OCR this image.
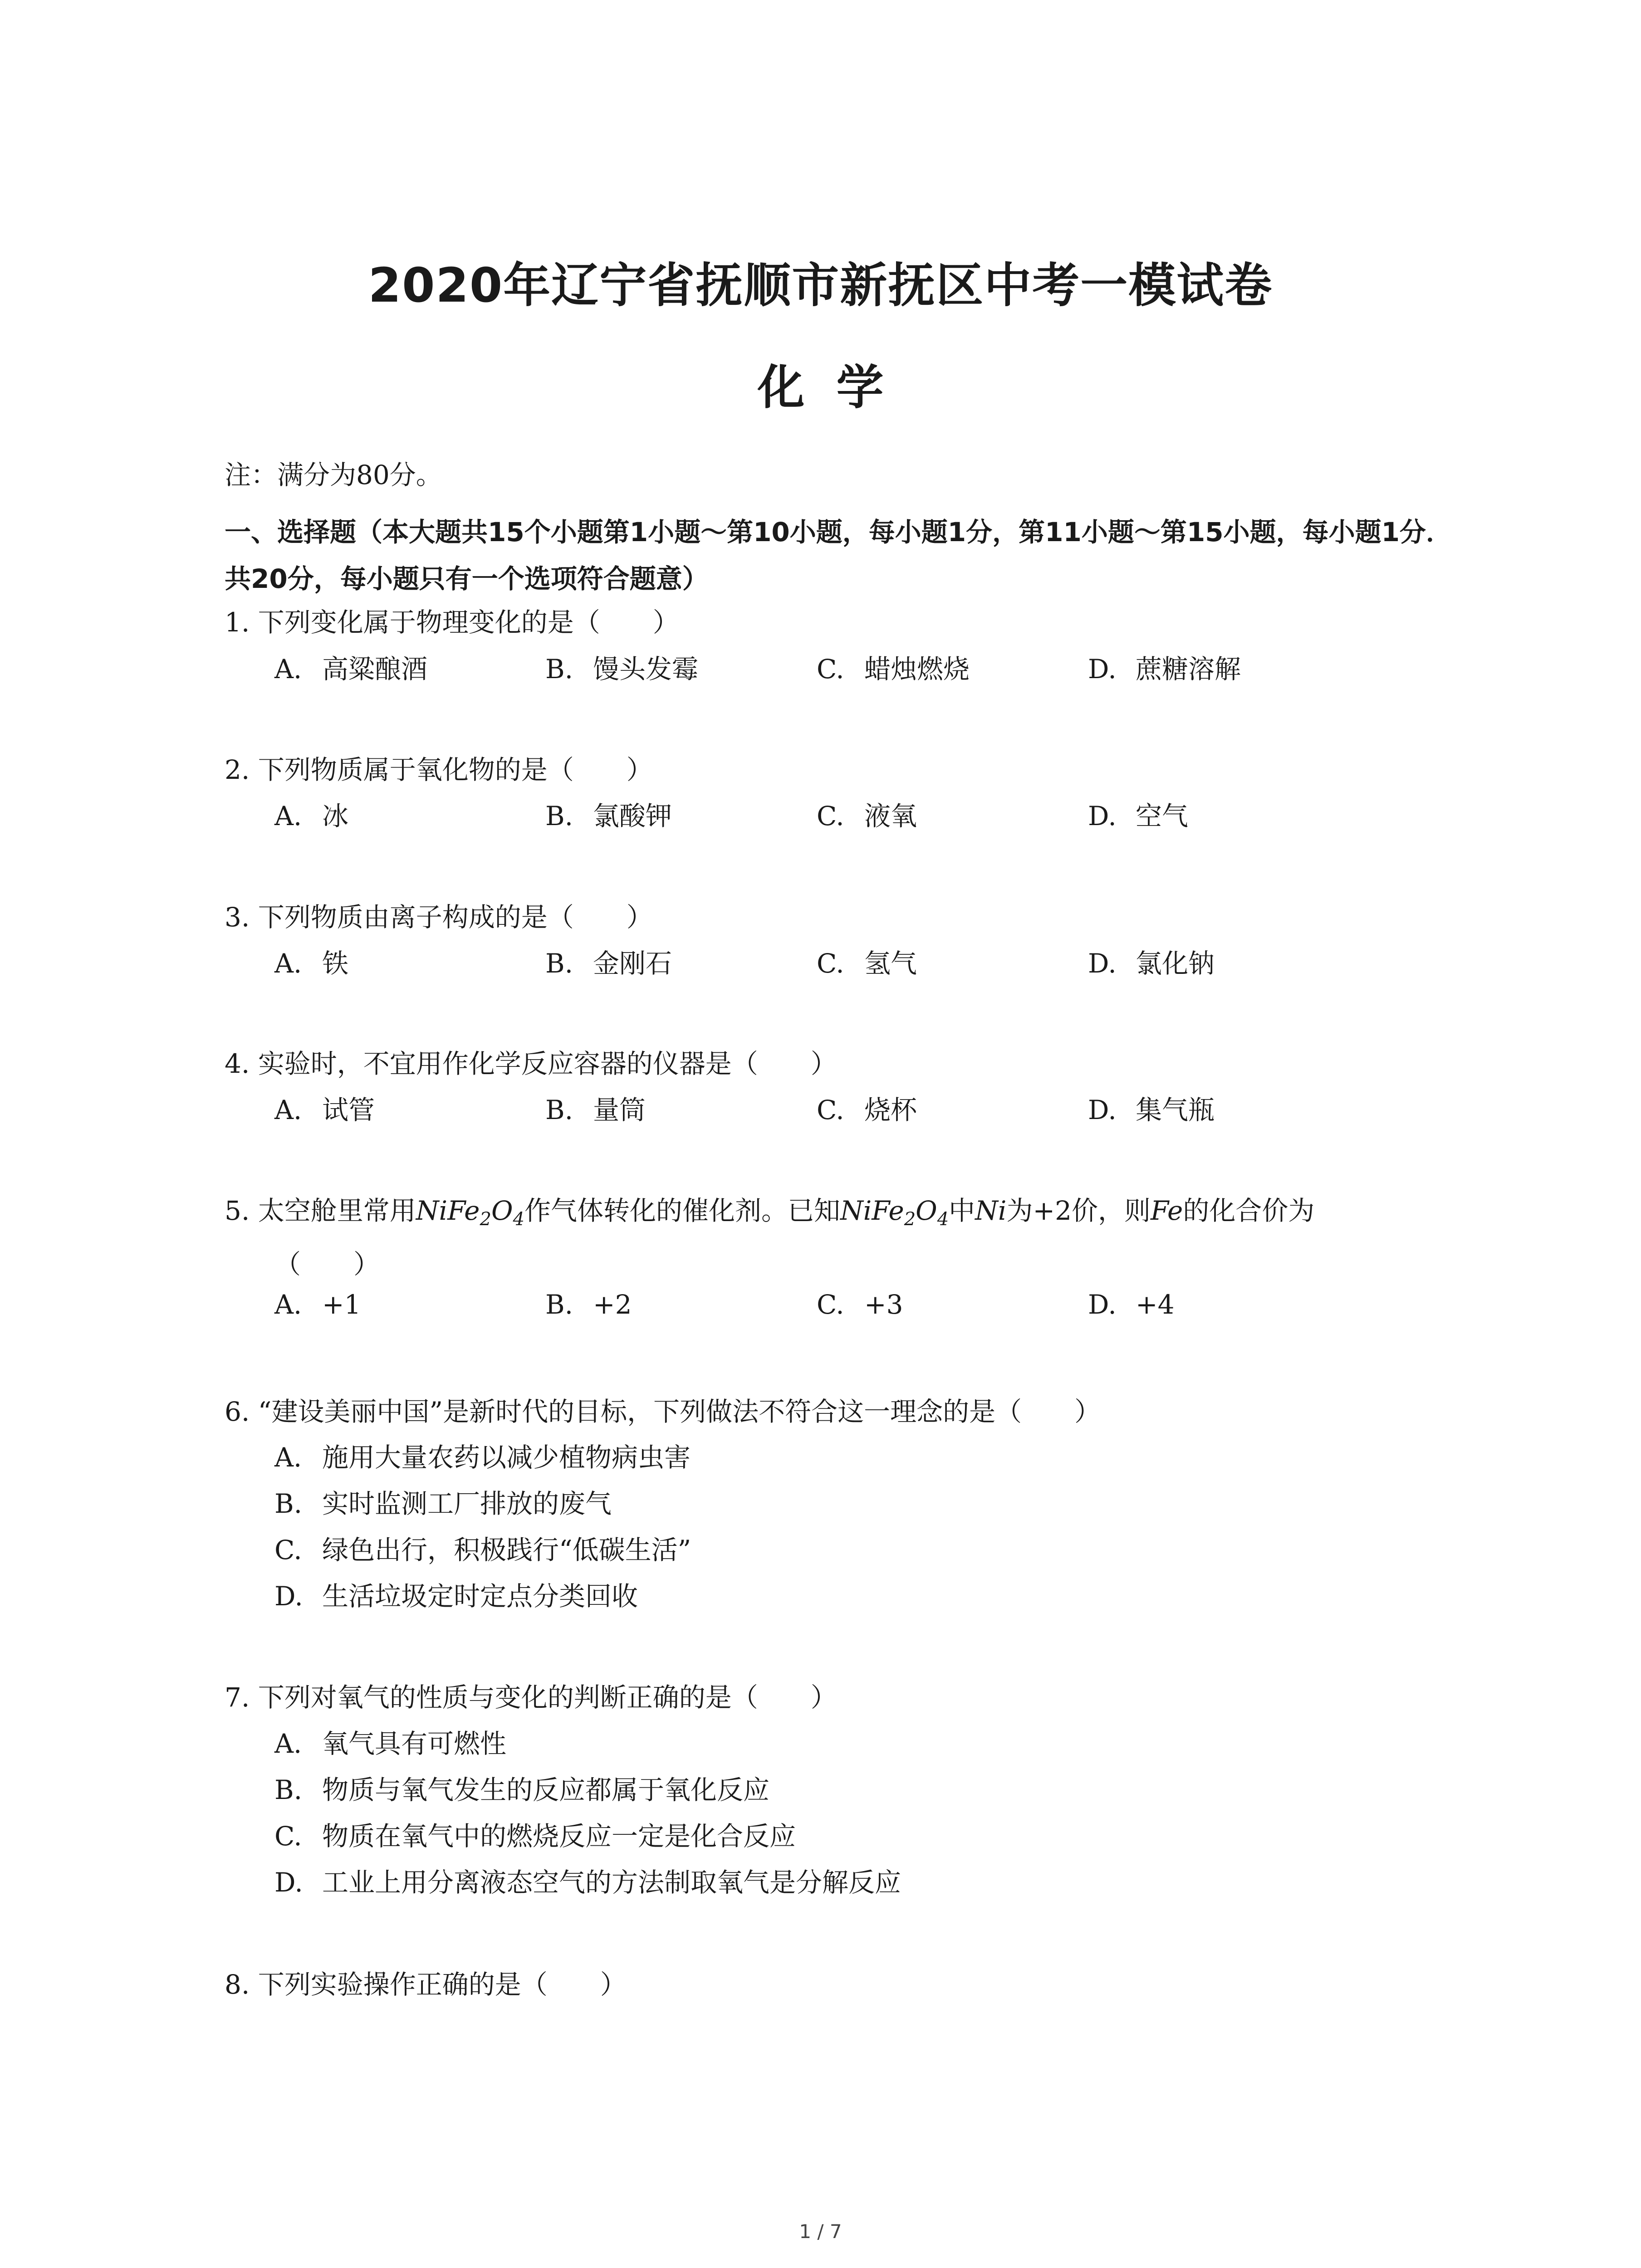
2020年辽宁省抚顺市新抚区中考一模试卷
化学
注：满分为80分。
一、选择题（本大题共15个小题第1小题～第10小题，每小题1分，第11小题～第15小题，每小题1分．共20分，每小题只有一个选项符合题意）
1. 下列变化属于物理变化的是（　　）
A. 高粱酿酒	B. 馒头发霉	C. 蜡烛燃烧	D. 蔗糖溶解
2. 下列物质属于氧化物的是（　　）
A. 冰	B. 氯酸钾	C. 液氧	D. 空气
3. 下列物质由离子构成的是（　　）
A. 铁	B. 金刚石	C. 氢气	D. 氯化钠
4. 实验时，不宜用作化学反应容器的仪器是（　　）
A. 试管	B. 量筒	C. 烧杯	D. 集气瓶
5. 太空舱里常用$NiFe_2O_4$作气体转化的催化剂。已知$NiFe_2O_4$中Ni为+2价，则Fe的化合价为
（　　）
A. +1	B. +2	C. +3	D. +4
6. “建设美丽中国”是新时代的目标，下列做法不符合这一理念的是（　　）
A. 施用大量农药以减少植物病虫害
B. 实时监测工厂排放的废气
C. 绿色出行，积极践行“低碳生活”
D. 生活垃圾定时定点分类回收
7. 下列对氧气的性质与变化的判断正确的是（　　）
A. 氧气具有可燃性
B. 物质与氧气发生的反应都属于氧化反应
C. 物质在氧气中的燃烧反应一定是化合反应
D. 工业上用分离液态空气的方法制取氧气是分解反应
8. 下列实验操作正确的是（　　）
1 / 7
